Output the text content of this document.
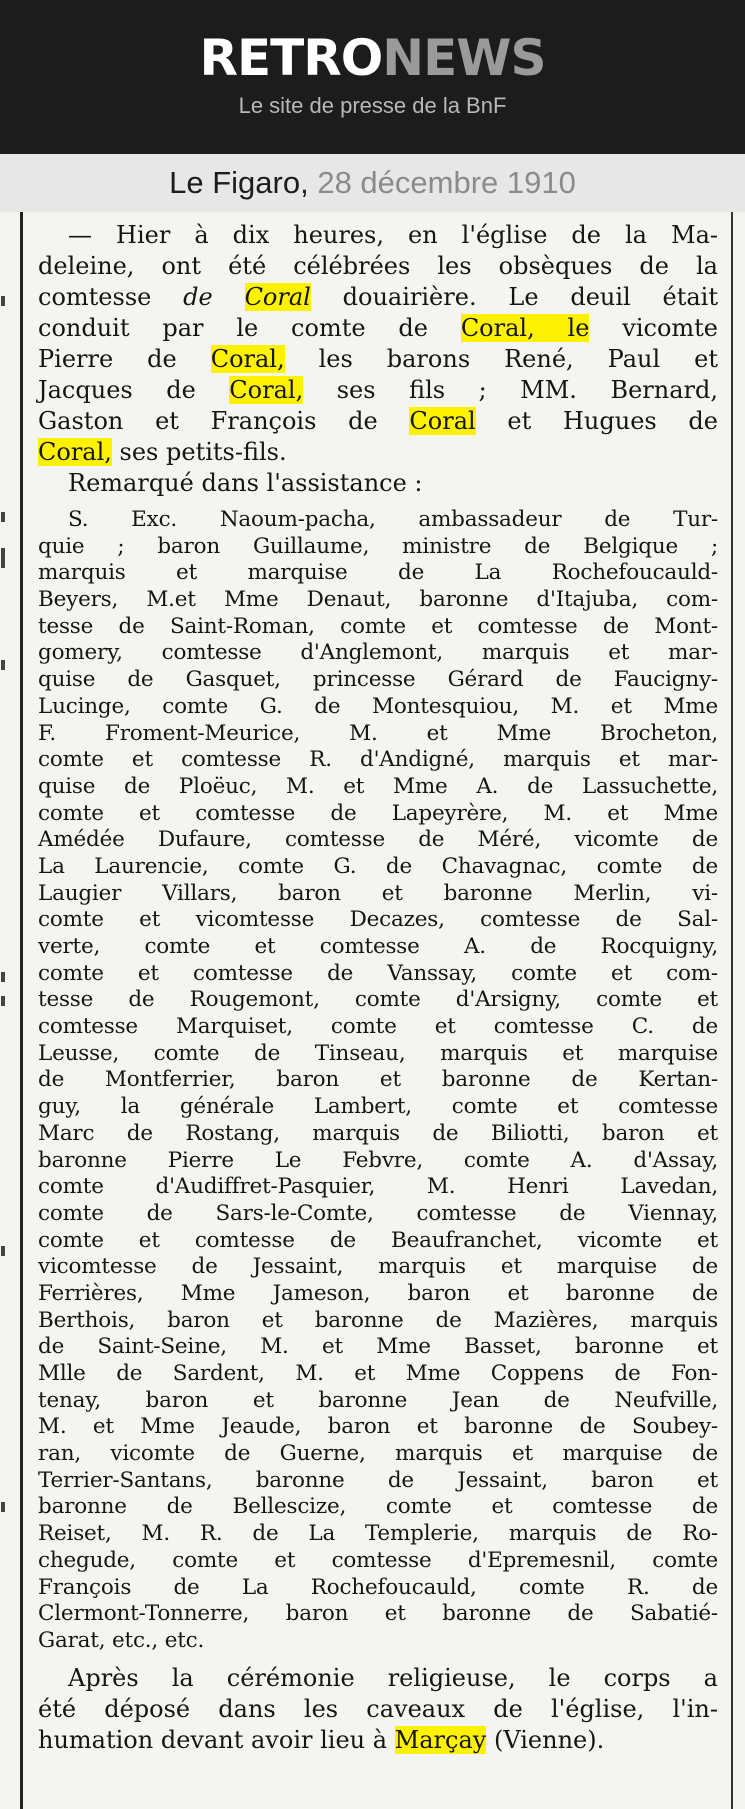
RETRONEWS
Le site de presse de la BnF
Le Figaro, 28 décembre 1910
— Hier à dix heures, en l'église de la Ma-
deleine, ont été célébrées les obsèques de la
comtesse de Coral douairière. Le deuil était
conduit par le comte de Coral, le vicomte
Pierre de Coral, les barons René, Paul et
Jacques de Coral, ses fils ; MM. Bernard,
Gaston et François de Coral et Hugues de
Coral, ses petits-fils.
Remarqué dans l'assistance :
S. Exc. Naoum-pacha, ambassadeur de Tur-
quie ; baron Guillaume, ministre de Belgique ;
marquis et marquise de La Rochefoucauld-
Beyers, M.et Mme Denaut, baronne d'Itajuba, com-
tesse de Saint-Roman, comte et comtesse de Mont-
gomery, comtesse d'Anglemont, marquis et mar-
quise de Gasquet, princesse Gérard de Faucigny-
Lucinge, comte G. de Montesquiou, M. et Mme
F. Froment-Meurice, M. et Mme Brocheton,
comte et comtesse R. d'Andigné, marquis et mar-
quise de Ploëuc, M. et Mme A. de Lassuchette,
comte et comtesse de Lapeyrère, M. et Mme
Amédée Dufaure, comtesse de Méré, vicomte de
La Laurencie, comte G. de Chavagnac, comte de
Laugier Villars, baron et baronne Merlin, vi-
comte et vicomtesse Decazes, comtesse de Sal-
verte, comte et comtesse A. de Rocquigny,
comte et comtesse de Vanssay, comte et com-
tesse de Rougemont, comte d'Arsigny, comte et
comtesse Marquiset, comte et comtesse C. de
Leusse, comte de Tinseau, marquis et marquise
de Montferrier, baron et baronne de Kertan-
guy, la générale Lambert, comte et comtesse
Marc de Rostang, marquis de Biliotti, baron et
baronne Pierre Le Febvre, comte A. d'Assay,
comte d'Audiffret-Pasquier, M. Henri Lavedan,
comte de Sars-le-Comte, comtesse de Viennay,
comte et comtesse de Beaufranchet, vicomte et
vicomtesse de Jessaint, marquis et marquise de
Ferrières, Mme Jameson, baron et baronne de
Berthois, baron et baronne de Mazières, marquis
de Saint-Seine, M. et Mme Basset, baronne et
Mlle de Sardent, M. et Mme Coppens de Fon-
tenay, baron et baronne Jean de Neufville,
M. et Mme Jeaude, baron et baronne de Soubey-
ran, vicomte de Guerne, marquis et marquise de
Terrier-Santans, baronne de Jessaint, baron et
baronne de Bellescize, comte et comtesse de
Reiset, M. R. de La Templerie, marquis de Ro-
chegude, comte et comtesse d'Epremesnil, comte
François de La Rochefoucauld, comte R. de
Clermont-Tonnerre, baron et baronne de Sabatié-
Garat, etc., etc.
Après la cérémonie religieuse, le corps a
été déposé dans les caveaux de l'église, l'in-
humation devant avoir lieu à Marçay (Vienne).
